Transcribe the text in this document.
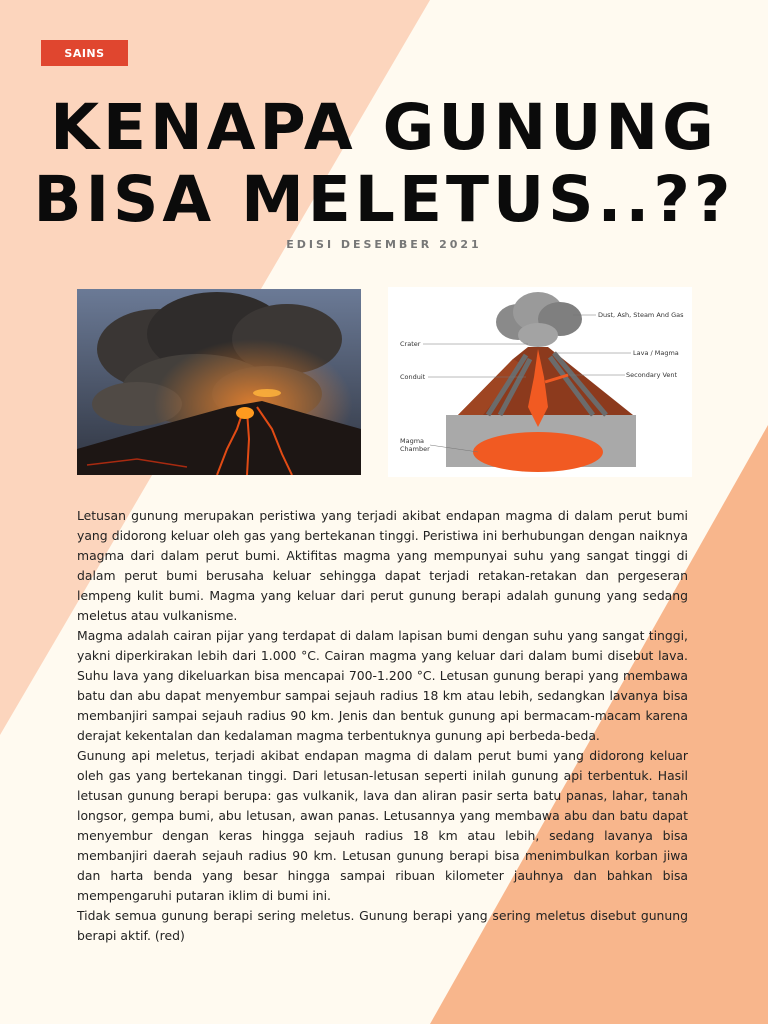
SAINS
KENAPA GUNUNG
BISA MELETUS..??
EDISI DESEMBER 2021
Dust, Ash, Steam And Gas
Crater
Lava / Magma
Conduit	Secondary Vent
Magma
Chamber

Letusan gunung merupakan peristiwa yang terjadi akibat endapan magma di dalam perut bumi yang didorong keluar oleh gas yang bertekanan tinggi. Peristiwa ini berhubungan dengan naiknya magma dari dalam perut bumi. Aktifitas magma yang mempunyai suhu yang sangat tinggi di dalam perut bumi berusaha keluar sehingga dapat terjadi retakan-retakan dan pergeseran lempeng kulit bumi. Magma yang keluar dari perut gunung berapi adalah gunung yang sedang meletus atau vulkanisme.

Magma adalah cairan pijar yang terdapat di dalam lapisan bumi dengan suhu yang sangat tinggi, yakni diperkirakan lebih dari 1.000 °C. Cairan magma yang keluar dari dalam bumi disebut lava. Suhu lava yang dikeluarkan bisa mencapai 700-1.200 °C. Letusan gunung berapi yang membawa batu dan abu dapat menyembur sampai sejauh radius 18 km atau lebih, sedangkan lavanya bisa membanjiri sampai sejauh radius 90 km. Jenis dan bentuk gunung api bermacam-macam karena derajat kekentalan dan kedalaman magma terbentuknya gunung api berbeda-beda.

Gunung api meletus, terjadi akibat endapan magma di dalam perut bumi yang didorong keluar oleh gas yang bertekanan tinggi. Dari letusan-letusan seperti inilah gunung api terbentuk. Hasil letusan gunung berapi berupa: gas vulkanik, lava dan aliran pasir serta batu panas, lahar, tanah longsor, gempa bumi, abu letusan, awan panas. Letusannya yang membawa abu dan batu dapat menyembur dengan keras hingga sejauh radius 18 km atau lebih, sedang lavanya bisa membanjiri daerah sejauh radius 90 km. Letusan gunung berapi bisa menimbulkan korban jiwa dan harta benda yang besar hingga sampai ribuan kilometer jauhnya dan bahkan bisa mempengaruhi putaran iklim di bumi ini.

Tidak semua gunung berapi sering meletus. Gunung berapi yang sering meletus disebut gunung berapi aktif. (red)
